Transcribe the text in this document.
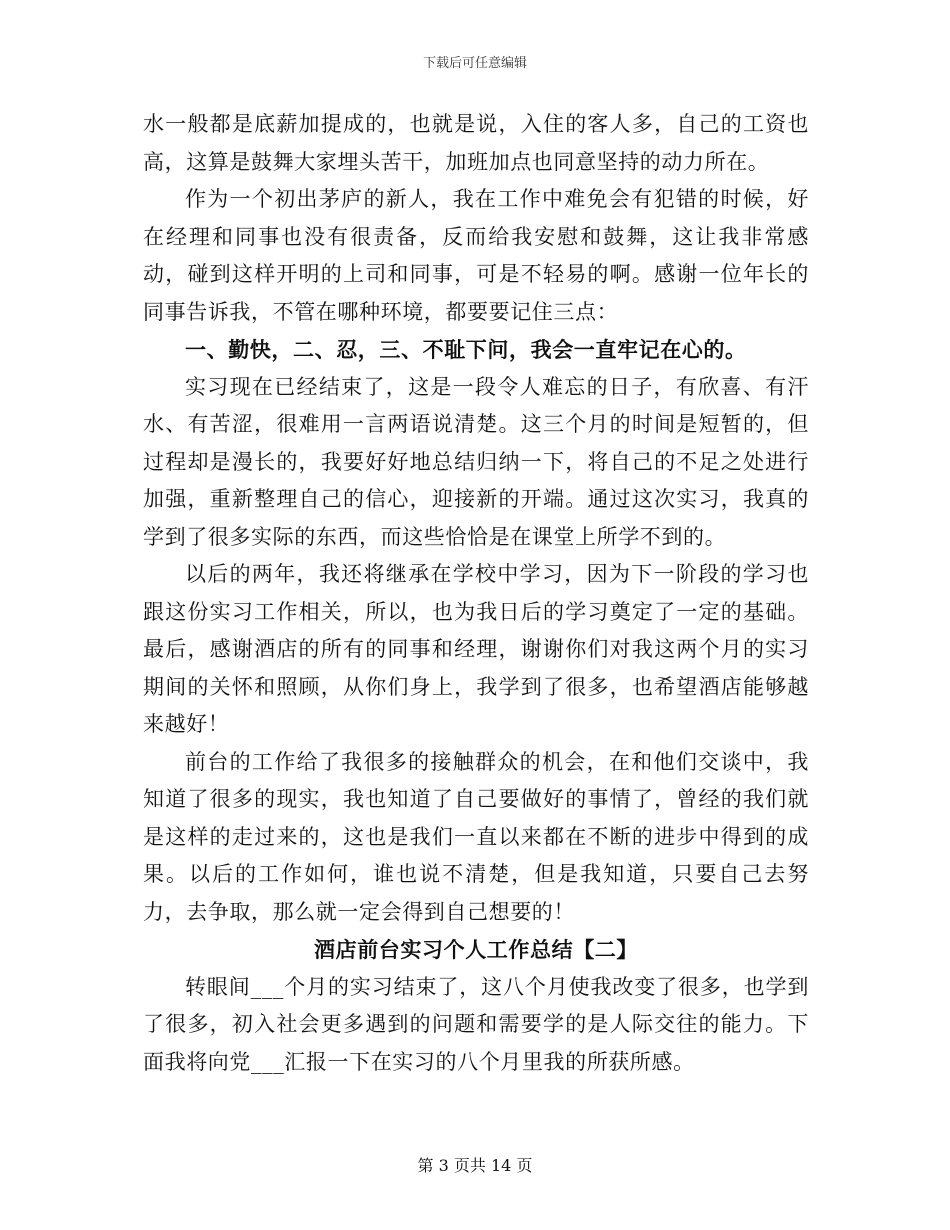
下载后可任意编辑

水一般都是底薪加提成的，也就是说，入住的客人多，自己的工资也高，这算是鼓舞大家埋头苦干，加班加点也同意坚持的动力所在。

作为一个初出茅庐的新人，我在工作中难免会有犯错的时候，好在经理和同事也没有很责备，反而给我安慰和鼓舞，这让我非常感动，碰到这样开明的上司和同事，可是不轻易的啊。感谢一位年长的同事告诉我，不管在哪种环境，都要要记住三点：

一、勤快，二、忍，三、不耻下问，我会一直牢记在心的。

实习现在已经结束了，这是一段令人难忘的日子，有欣喜、有汗水、有苦涩，很难用一言两语说清楚。这三个月的时间是短暂的，但过程却是漫长的，我要好好地总结归纳一下，将自己的不足之处进行加强，重新整理自己的信心，迎接新的开端。通过这次实习，我真的学到了很多实际的东西，而这些恰恰是在课堂上所学不到的。

以后的两年，我还将继承在学校中学习，因为下一阶段的学习也跟这份实习工作相关，所以，也为我日后的学习奠定了一定的基础。最后，感谢酒店的所有的同事和经理，谢谢你们对我这两个月的实习期间的关怀和照顾，从你们身上，我学到了很多，也希望酒店能够越来越好！

前台的工作给了我很多的接触群众的机会，在和他们交谈中，我知道了很多的现实，我也知道了自己要做好的事情了，曾经的我们就是这样的走过来的，这也是我们一直以来都在不断的进步中得到的成果。以后的工作如何，谁也说不清楚，但是我知道，只要自己去努力，去争取，那么就一定会得到自己想要的！

酒店前台实习个人工作总结【二】

转眼间___个月的实习结束了，这八个月使我改变了很多，也学到了很多，初入社会更多遇到的问题和需要学的是人际交往的能力。下面我将向党___汇报一下在实习的八个月里我的所获所感。

第 3 页共 14 页
